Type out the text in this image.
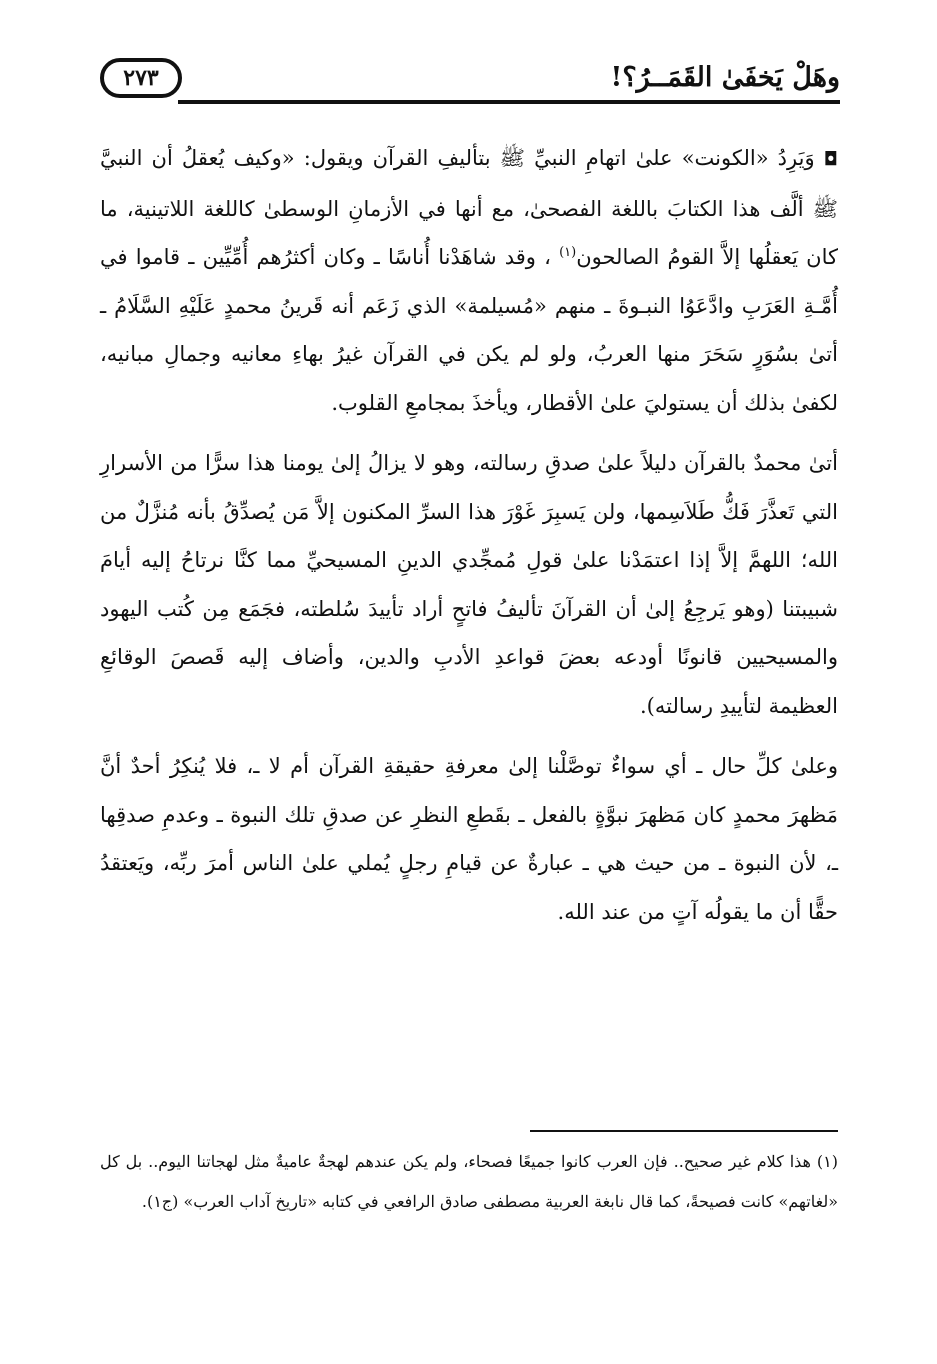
٢٧٣	وهَلْ يَخفَىٰ القَمَــرُ؟!

◘ وَيَرِدُ «الكونت» علىٰ اتهامِ النبيِّ ﷺ بتأليفِ القرآن ويقول: «وكيف يُعقلُ أن النبيَّ ﷺ ألَّف هذا الكتابَ باللغة الفصحىٰ، مع أنها في الأزمانِ الوسطىٰ كاللغة اللاتينية، ما كان يَعقلُها إلاَّ القومُ الصالحون$^{(١)}$ ، وقد شاهَدْنا أُناسًا ـ وكان أكثرُهم أُمِّيِّين ـ قاموا في أُمَّـةِ العَرَبِ وادَّعَوُا النبـوةَ ـ منهم «مُسيلمة» الذي زَعَم أنه قَرينُ محمدٍ عَلَيْهِ السَّلَامُ ـ أتىٰ بسُوَرٍ سَحَرَ منها العربُ، ولو لم يكن في القرآن غيرُ بهاءِ معانيه وجمالِ مبانيه، لكفىٰ بذلك أن يستوليَ علىٰ الأقطار، ويأخذَ بمجامعِ القلوب.

أتىٰ محمدٌ بالقرآن دليلاً علىٰ صدقِ رسالته، وهو لا يزالُ إلىٰ يومنا هذا سرًّا من الأسرارِ التي تَعذَّرَ فَكُّ طَلاَسِمها، ولن يَسبِرَ غَوْرَ هذا السرِّ المكنون إلاَّ مَن يُصدِّقُ بأنه مُنزَّلٌ من الله؛ اللهمَّ إلاَّ إذا اعتمَدْنا علىٰ قولِ مُمجِّدي الدينِ المسيحيِّ مما كنَّا نرتاحُ إليه أيامَ شبيبتنا (وهو يَرجِعُ إلىٰ أن القرآنَ تأليفُ فاتحٍ أراد تأييدَ سُلطته، فجَمَع مِن كُتب اليهود والمسيحيين قانونًا أودعه بعضَ قواعدِ الأدبِ والدين، وأضاف إليه قَصصَ الوقائعِ العظيمة لتأييدِ رسالته).

وعلىٰ كلِّ حال ـ أي سواءٌ توصَّلْنا إلىٰ معرفةِ حقيقةِ القرآن أم لا ـ، فلا يُنكِرُ أحدٌ أنَّ مَظهرَ محمدٍ كان مَظهرَ نبوَّةٍ بالفعل ـ بقَطعِ النظرِ عن صدقِ تلك النبوة ـ وعدمِ صدقِها ـ، لأن النبوة ـ من حيث هي ـ عبارةٌ عن قيامِ رجلٍ يُملي علىٰ الناس أمرَ ربِّه، ويَعتقدُ حقًّا أن ما يقولُه آتٍ من عند الله.

(١) هذا كلام غير صحيح.. فإن العرب كانوا جميعًا فصحاء، ولم يكن عندهم لهجةٌ عاميةٌ مثل لهجاتنا اليوم.. بل كل «لغاتهم» كانت فصيحةً، كما قال نابغة العربية مصطفى صادق الرافعي في كتابه «تاريخ آداب العرب» (ج١).
